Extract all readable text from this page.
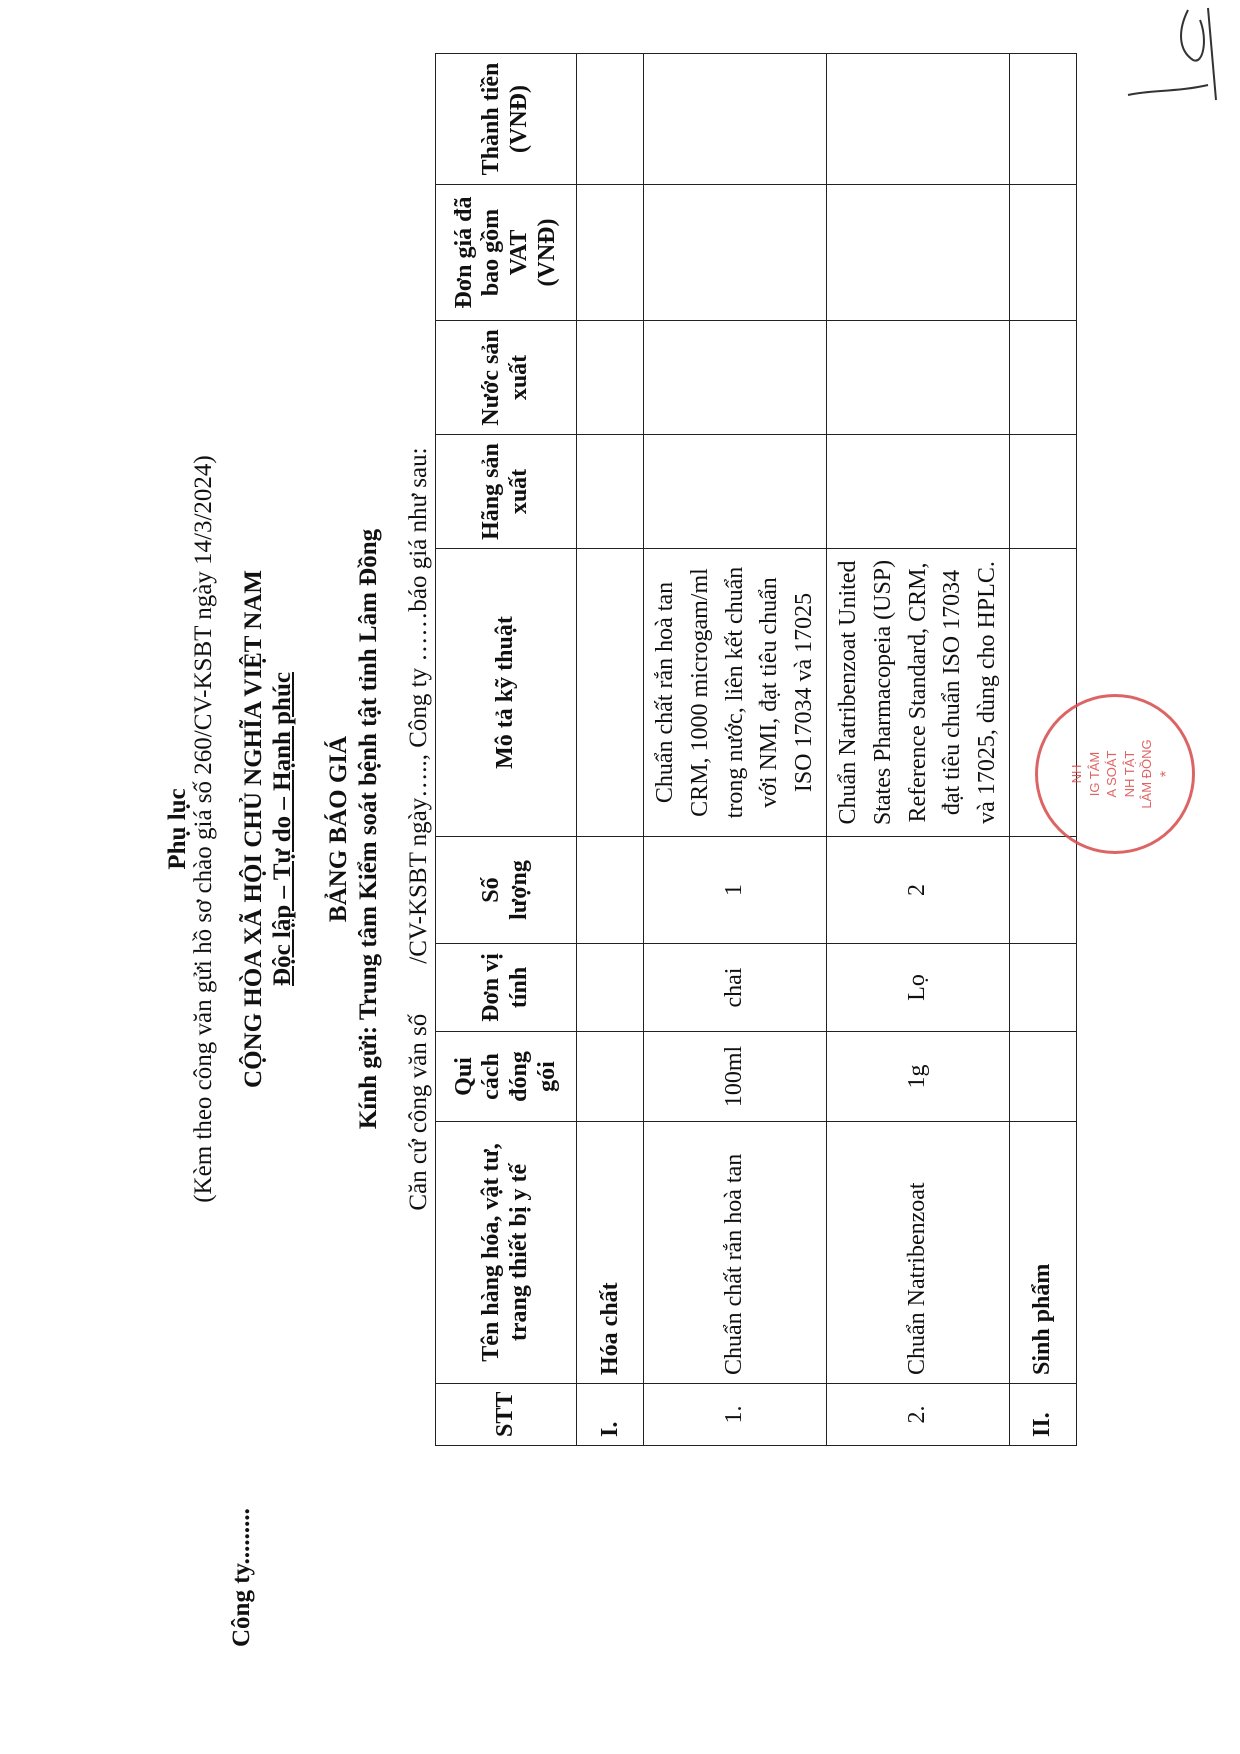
Công ty.........
Phụ lục (Kèm theo công văn gửi hồ sơ chào giá số 260/CV-KSBT ngày 14/3/2024) CỘNG HÒA XÃ HỘI CHỦ NGHĨA VIỆT NAM Độc lập – Tự do – Hạnh phúc BẢNG BÁO GIÁ Kính gửi: Trung tâm Kiểm soát bệnh tật tỉnh Lâm Đồng Căn cứ công văn số        /CV-KSBT ngày….., Công ty ……báo giá như sau:
STT	Tên hàng hóa, vật tư, trang thiết bị y tế	Qui cách đóng gói	Đơn vị tính	Số lượng	Mô tả kỹ thuật	Hãng sản xuất	Nước sản xuất	Đơn giá đã bao gồm VAT (VNĐ)	Thành tiền (VNĐ)
I.	Hóa chất								
1.	Chuẩn chất rắn hoà tan	100ml	chai	1	Chuẩn chất rắn hoà tan CRM, 1000 microgam/ml trong nước, liên kết chuẩn với NMI, đạt tiêu chuẩn ISO 17034 và 17025				
2.	Chuẩn Natribenzoat	1g	Lọ	2	Chuẩn Natribenzoat United States Pharmacopeia (USP) Reference Standard, CRM, đạt tiêu chuẩn ISO 17034 và 17025, dùng cho HPLC.				
II.	Sinh phẩm								
NH IG TÂM A SOÁT NH TẬT LÂM ĐỒNG *
